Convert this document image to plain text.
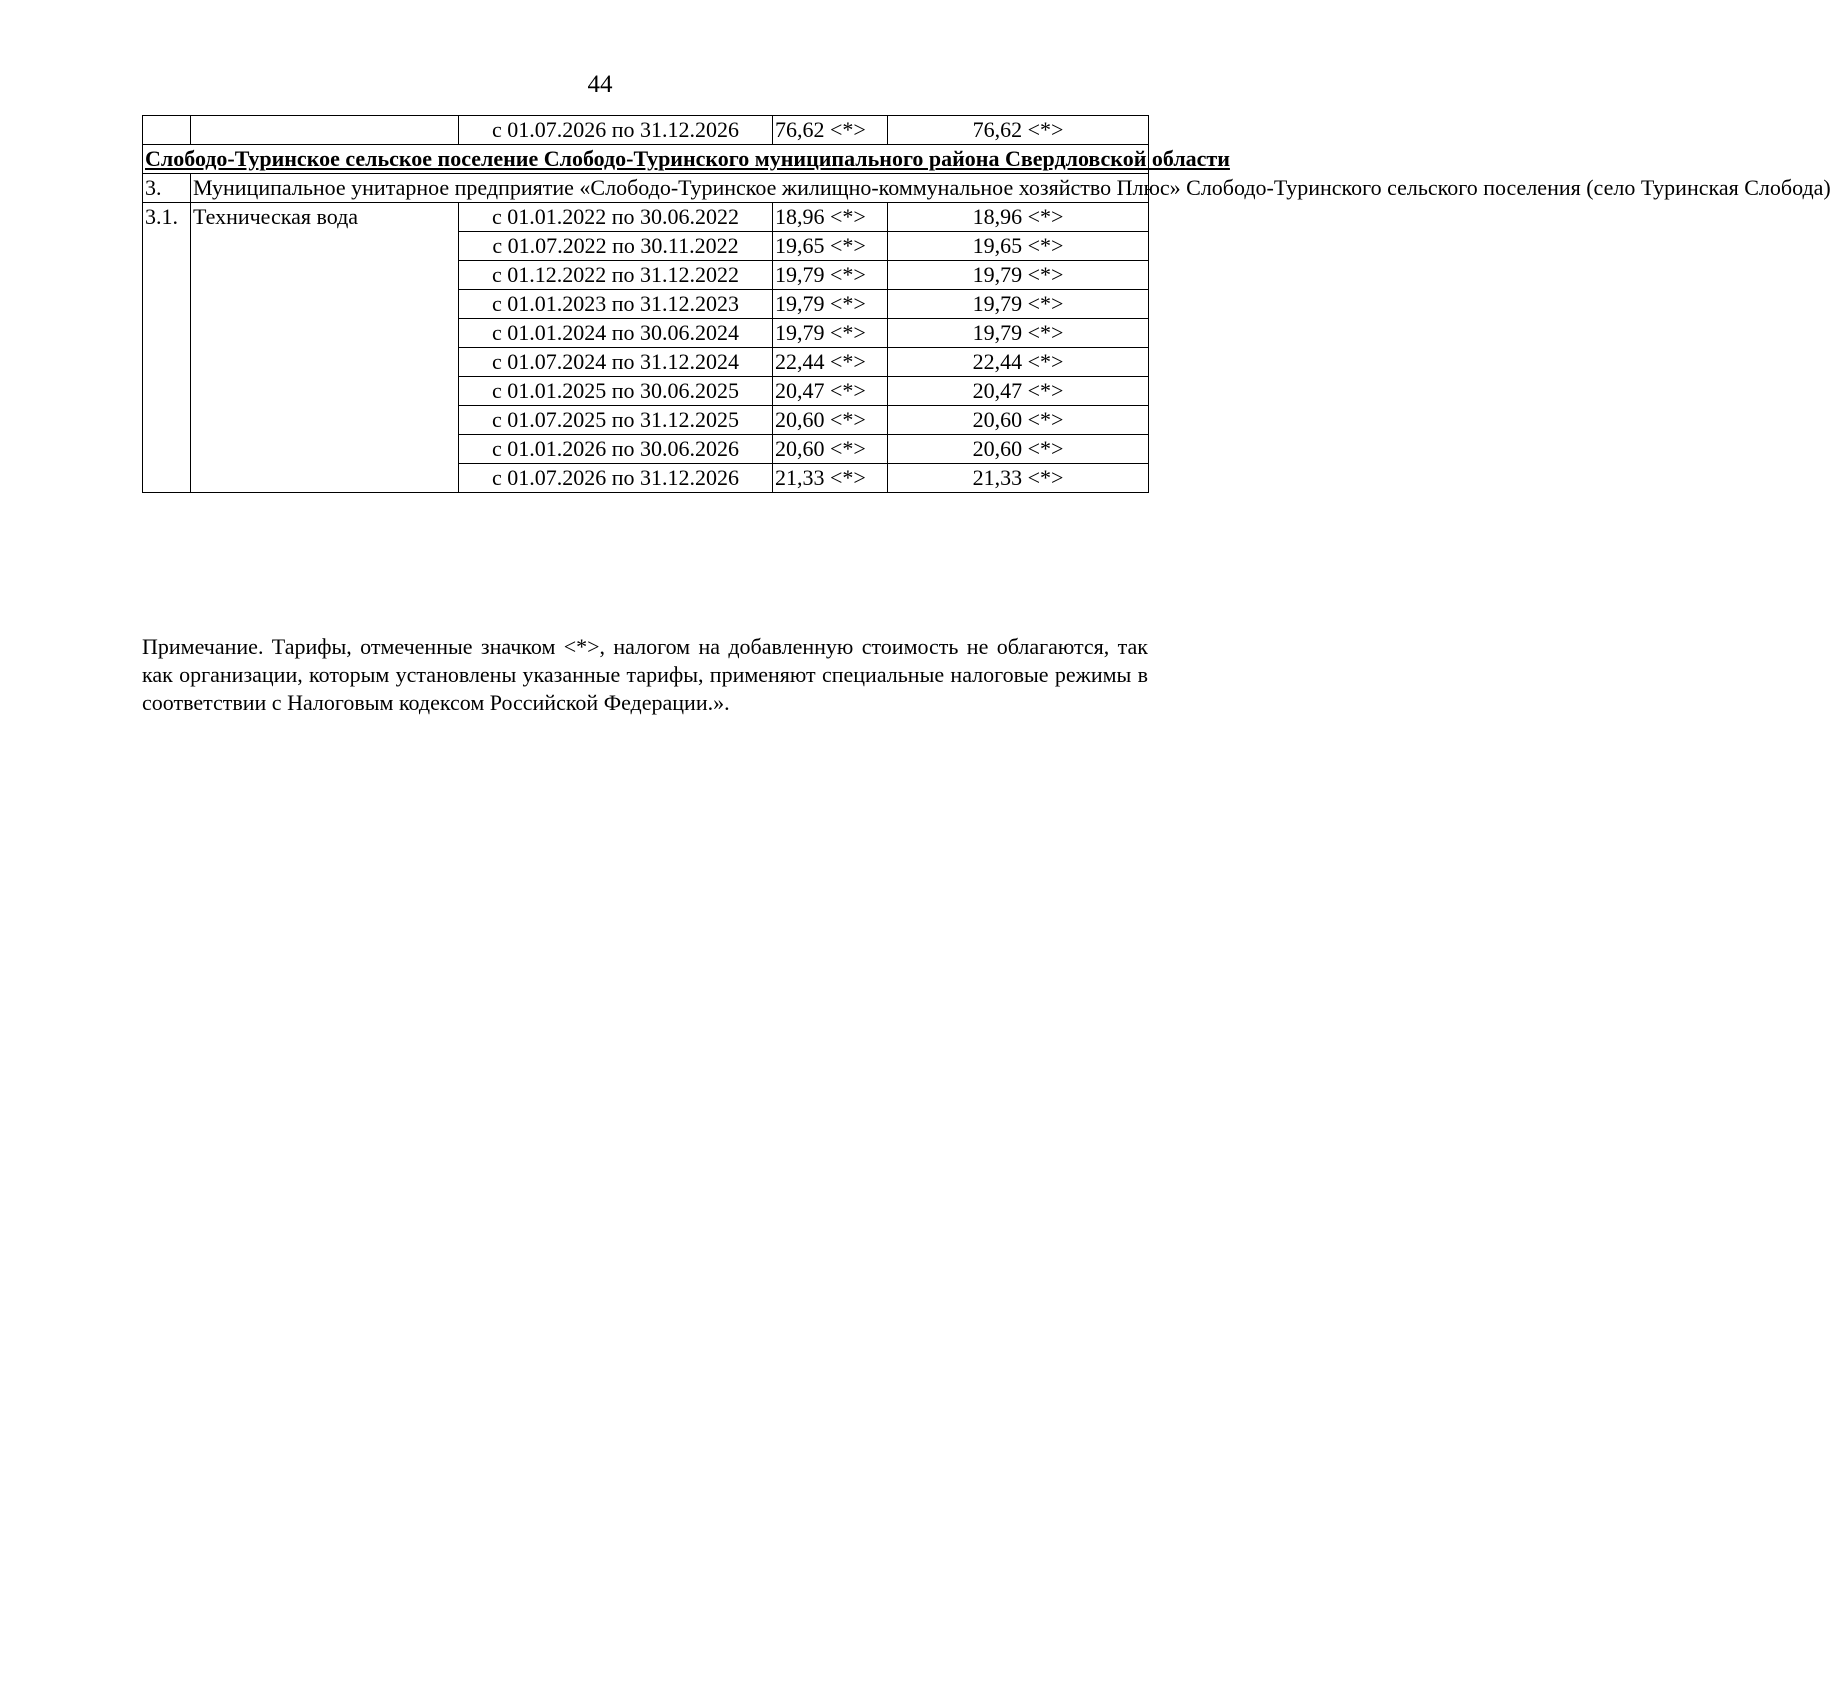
44
		с 01.07.2026 по 31.12.2026	76,62 <*>	76,62 <*>
Слободо-Туринское сельское поселение Слободо-Туринского муниципального района Свердловской области				
3.	Муниципальное унитарное предприятие «Слободо-Туринское жилищно-коммунальное хозяйство Плюс» Слободо-Туринского сельского поселения (село Туринская Слобода)			
3.1.	Техническая вода	с 01.01.2022 по 30.06.2022	18,96 <*>	18,96 <*>
		с 01.07.2022 по 30.11.2022	19,65 <*>	19,65 <*>
		с 01.12.2022 по 31.12.2022	19,79 <*>	19,79 <*>
		с 01.01.2023 по 31.12.2023	19,79 <*>	19,79 <*>
		с 01.01.2024 по 30.06.2024	19,79 <*>	19,79 <*>
		с 01.07.2024 по 31.12.2024	22,44 <*>	22,44 <*>
		с 01.01.2025 по 30.06.2025	20,47 <*>	20,47 <*>
		с 01.07.2025 по 31.12.2025	20,60 <*>	20,60 <*>
		с 01.01.2026 по 30.06.2026	20,60 <*>	20,60 <*>
		с 01.07.2026 по 31.12.2026	21,33 <*>	21,33 <*>

Примечание. Тарифы, отмеченные значком <*>, налогом на добавленную стоимость не облагаются, так как организации, которым установлены указанные тарифы, применяют специальные налоговые режимы в соответствии с Налоговым кодексом Российской Федерации.».
